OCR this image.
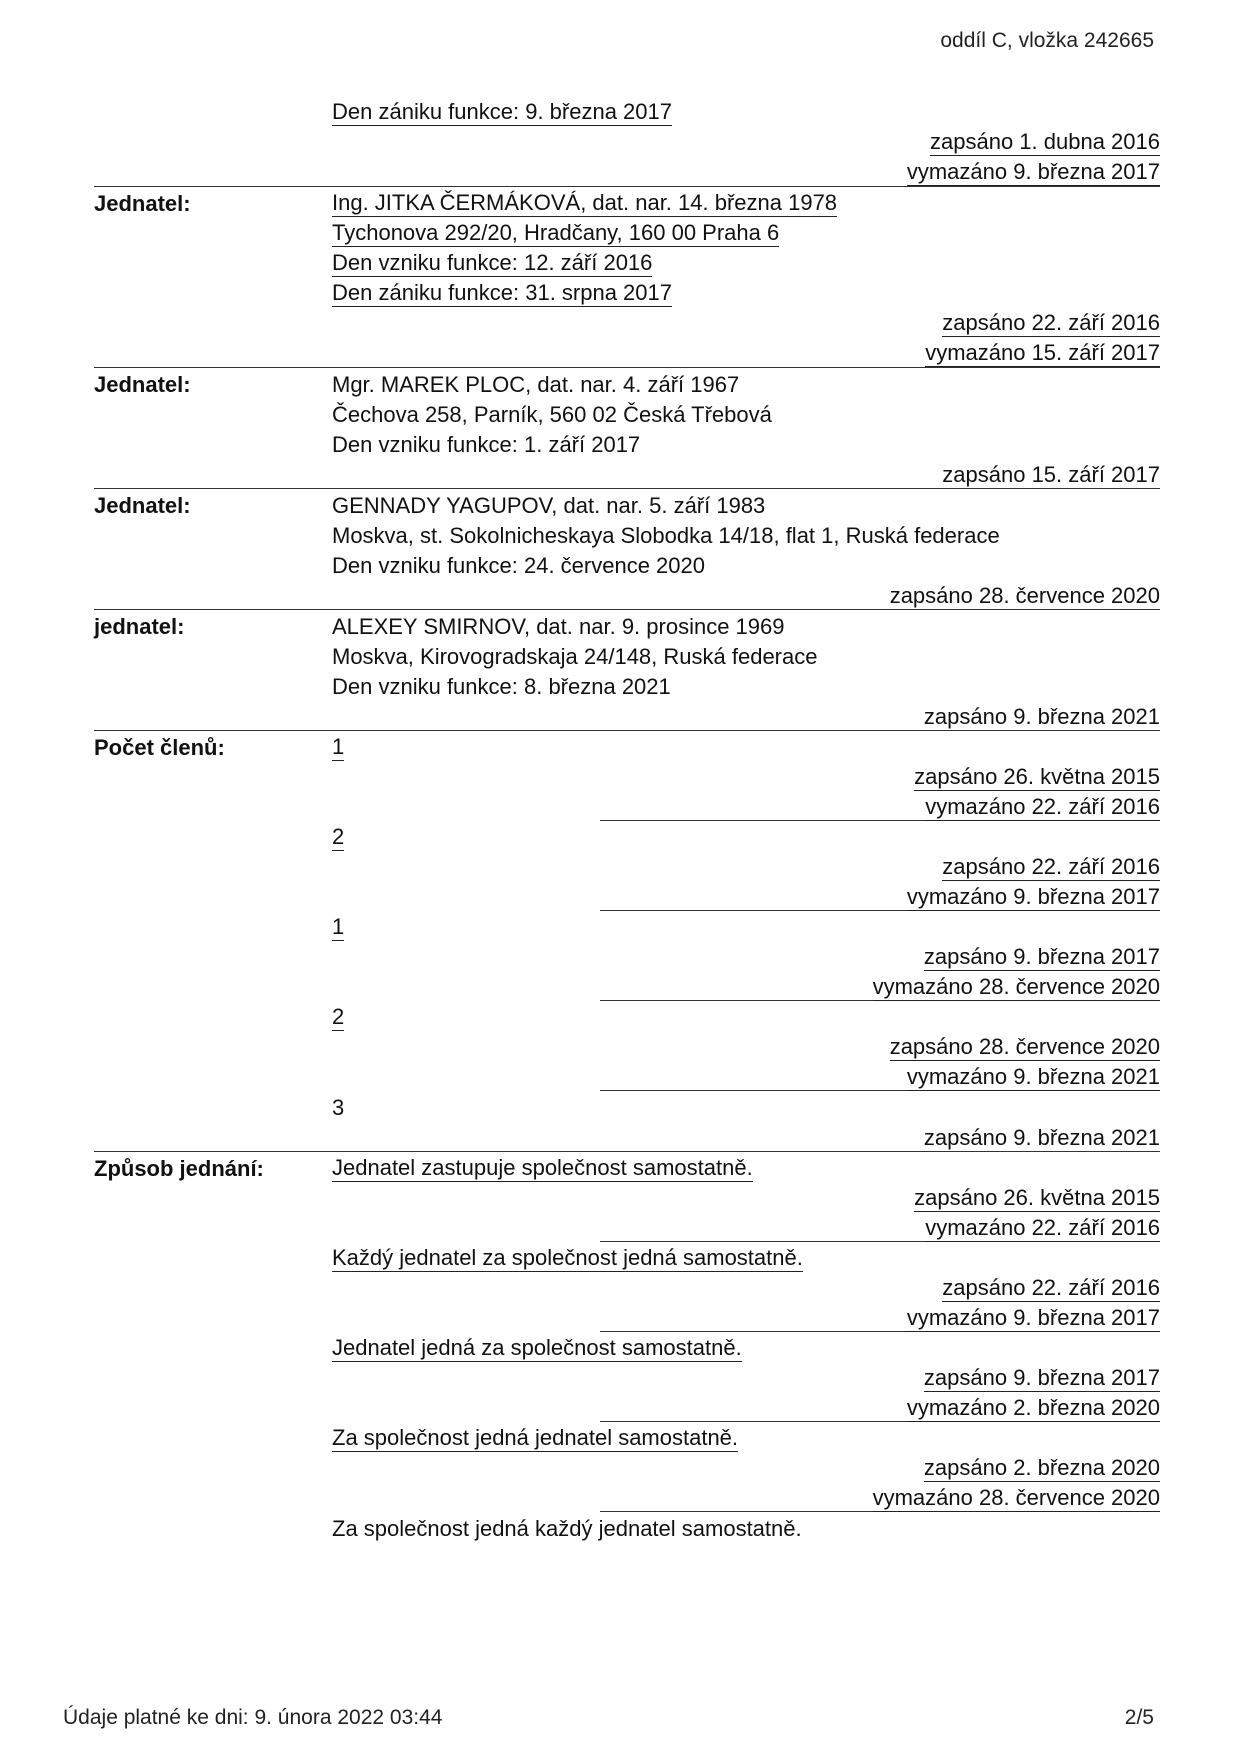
oddíl C, vložka 242665
Den zániku funkce: 9. března 2017
zapsáno 1. dubna 2016
vymazáno 9. března 2017
Jednatel:	Ing. JITKA ČERMÁKOVÁ, dat. nar. 14. března 1978
Tychonova 292/20, Hradčany, 160 00 Praha 6
Den vzniku funkce: 12. září 2016
Den zániku funkce: 31. srpna 2017
zapsáno 22. září 2016
vymazáno 15. září 2017
Jednatel:	Mgr. MAREK PLOC, dat. nar. 4. září 1967
Čechova 258, Parník, 560 02 Česká Třebová
Den vzniku funkce: 1. září 2017
zapsáno 15. září 2017
Jednatel:	GENNADY YAGUPOV, dat. nar. 5. září 1983
Moskva, st. Sokolnicheskaya Slobodka 14/18, flat 1, Ruská federace
Den vzniku funkce: 24. července 2020
zapsáno 28. července 2020
jednatel:	ALEXEY SMIRNOV, dat. nar. 9. prosince 1969
Moskva, Kirovogradskaja 24/148, Ruská federace
Den vzniku funkce: 8. března 2021
zapsáno 9. března 2021
Počet členů:	1
zapsáno 26. května 2015
vymazáno 22. září 2016
2
zapsáno 22. září 2016
vymazáno 9. března 2017
1
zapsáno 9. března 2017
vymazáno 28. července 2020
2
zapsáno 28. července 2020
vymazáno 9. března 2021
3
zapsáno 9. března 2021
Způsob jednání:	Jednatel zastupuje společnost samostatně.
zapsáno 26. května 2015
vymazáno 22. září 2016
Každý jednatel za společnost jedná samostatně.
zapsáno 22. září 2016
vymazáno 9. března 2017
Jednatel jedná za společnost samostatně.
zapsáno 9. března 2017
vymazáno 2. března 2020
Za společnost jedná jednatel samostatně.
zapsáno 2. března 2020
vymazáno 28. července 2020
Za společnost jedná každý jednatel samostatně.
Údaje platné ke dni: 9. února 2022 03:44	2/5
